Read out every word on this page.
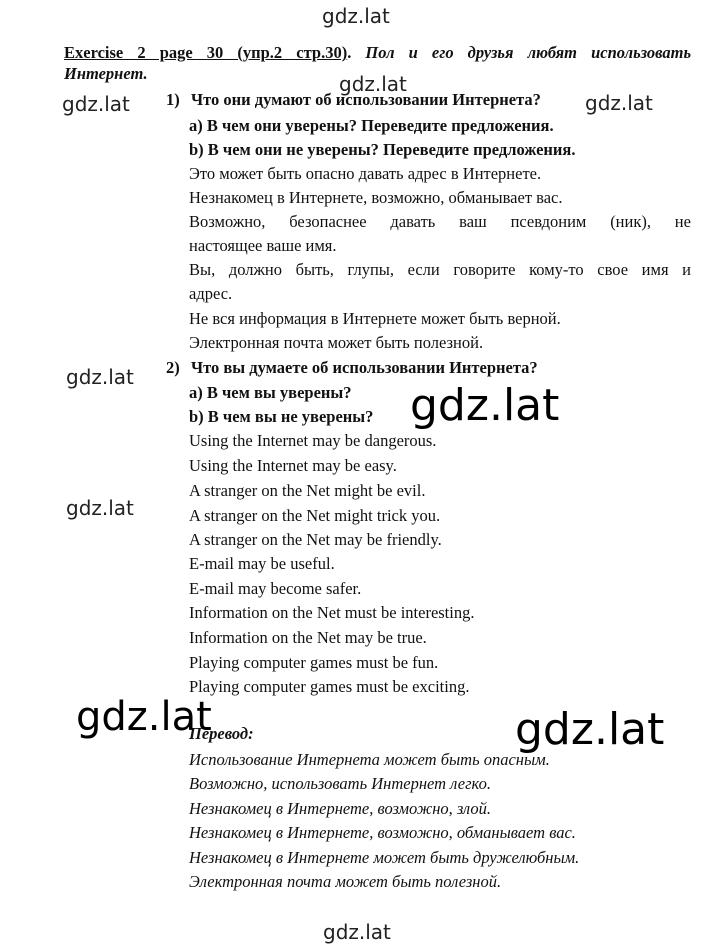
Exercise 2 page 30 (упр.2 стр.30). Пол и его друзья любят использовать
Интернет.
1) Что они думают об использовании Интернета?
a) В чем они уверены? Переведите предложения.
b) В чем они не уверены? Переведите предложения.
Это может быть опасно давать адрес в Интернете.
Незнакомец в Интернете, возможно, обманывает вас.
Возможно, безопаснее давать ваш псевдоним (ник), не
настоящее ваше имя.
Вы, должно быть, глупы, если говорите кому-то свое имя и
адрес.
Не вся информация в Интернете может быть верной.
Электронная почта может быть полезной.
2) Что вы думаете об использовании Интернета?
a) В чем вы уверены?
b) В чем вы не уверены?
Using the Internet may be dangerous.
Using the Internet may be easy.
A stranger on the Net might be evil.
A stranger on the Net might trick you.
A stranger on the Net may be friendly.
E-mail may be useful.
E-mail may become safer.
Information on the Net must be interesting.
Information on the Net may be true.
Playing computer games must be fun.
Playing computer games must be exciting.
Перевод:
Использование Интернета может быть опасным.
Возможно, использовать Интернет легко.
Незнакомец в Интернете, возможно, злой.
Незнакомец в Интернете, возможно, обманывает вас.
Незнакомец в Интернете может быть дружелюбным.
Электронная почта может быть полезной.
gdz.lat
gdz.lat
gdz.lat	gdz.lat
gdz.lat
gdz.lat
gdz.lat
gdz.lat	gdz.lat
gdz.lat
